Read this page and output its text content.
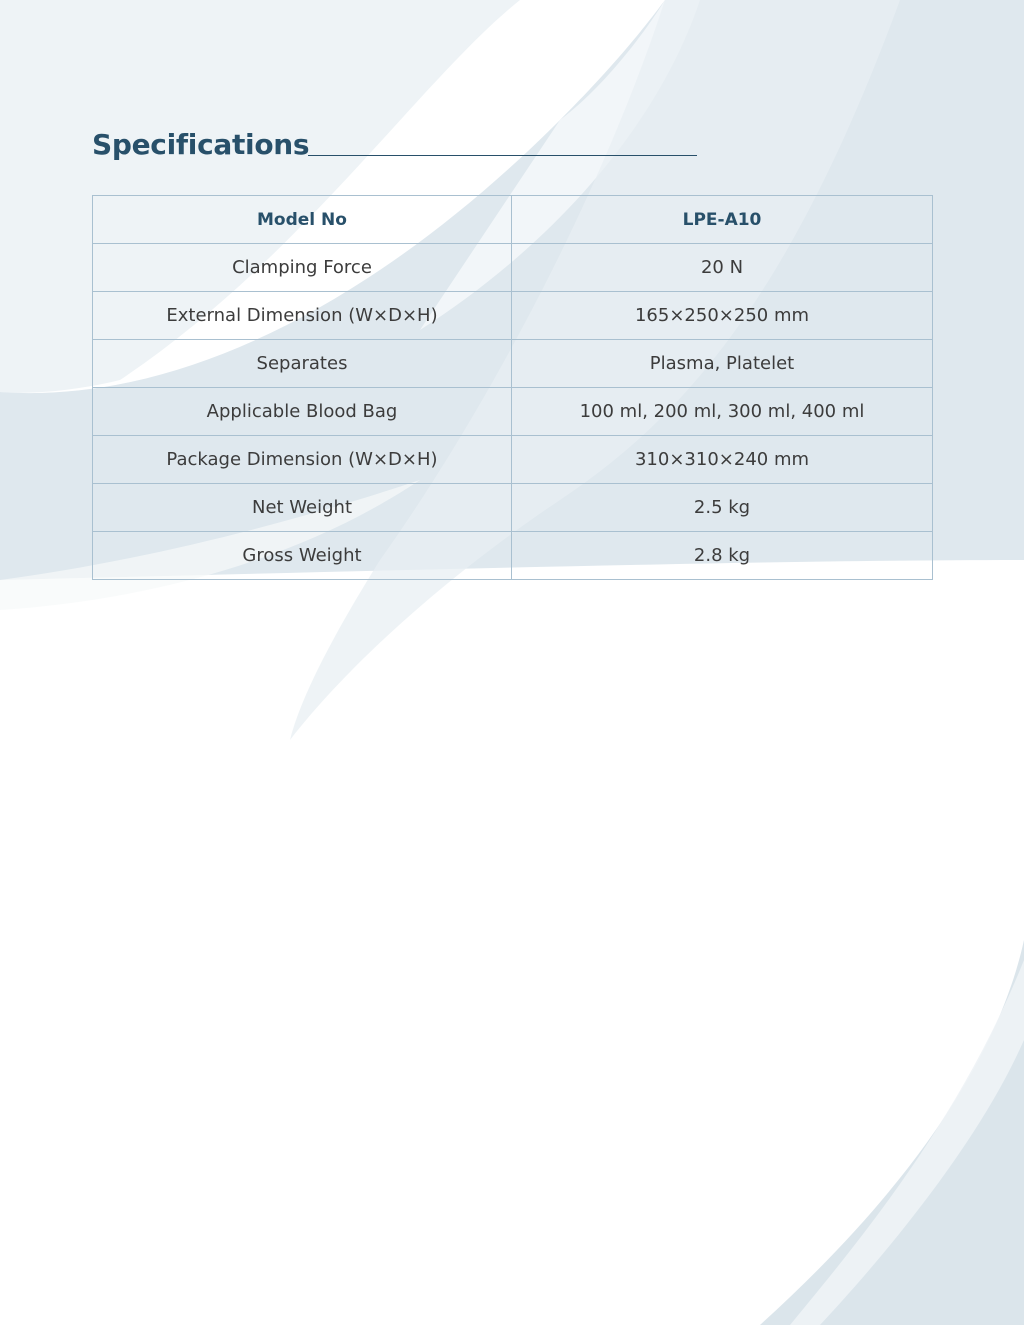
Specifications
Model No	LPE-A10
Clamping Force	20 N
External Dimension (W×D×H)	165×250×250 mm
Separates	Plasma, Platelet
Applicable Blood Bag	100 ml, 200 ml, 300 ml, 400 ml
Package Dimension (W×D×H)	310×310×240 mm
Net Weight	2.5 kg
Gross Weight	2.8 kg
